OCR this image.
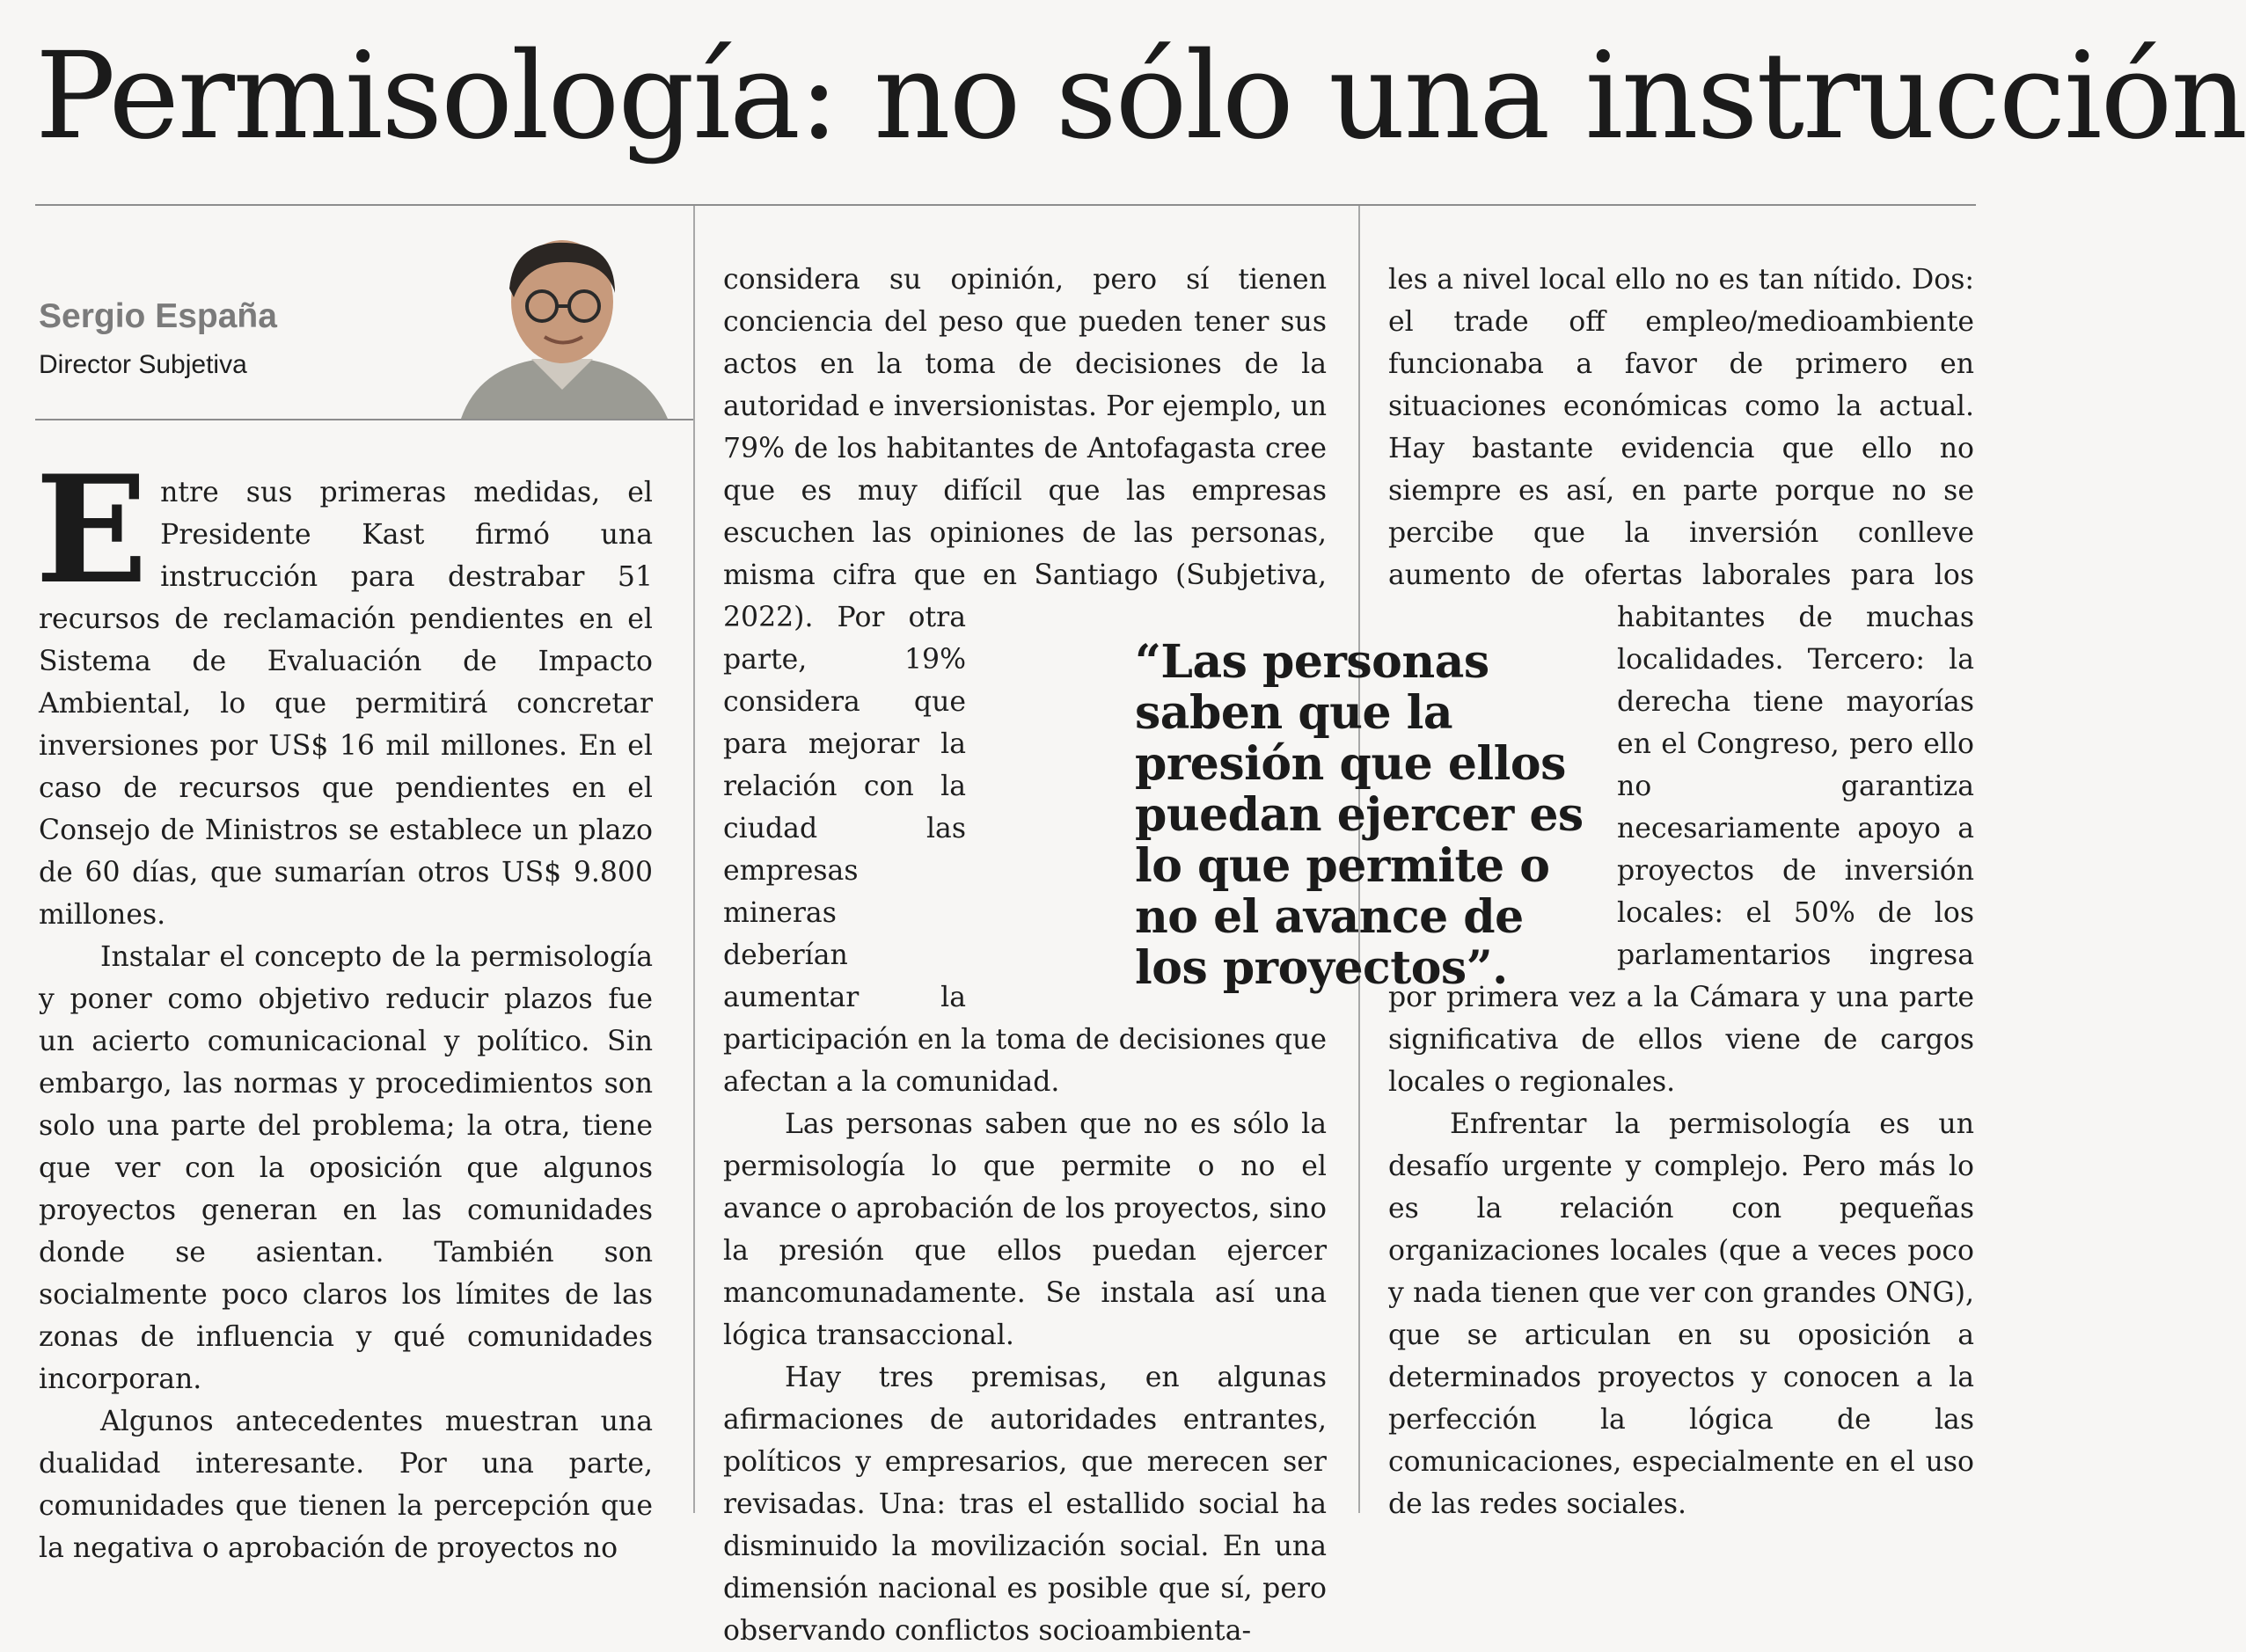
Permisología: no sólo una instrucción
Sergio España
Director Subjetiva

Entre sus primeras medidas, el Presidente Kast firmó una instrucción para destrabar 51 recursos de reclamación pendientes en el Sistema de Evaluación de Impacto Ambiental, lo que permitirá concretar inversiones por US$ 16 mil millones. En el caso de recursos que pendientes en el Consejo de Ministros se establece un plazo de 60 días, que sumarían otros US$ 9.800 millones.

Instalar el concepto de la permisología y poner como objetivo reducir plazos fue un acierto comunicacional y político. Sin embargo, las normas y procedimientos son solo una parte del problema; la otra, tiene que ver con la oposición que algunos proyectos generan en las comunidades donde se asientan. También son socialmente poco claros los límites de las zonas de influencia y qué comunidades incorporan.

Algunos antecedentes muestran una dualidad interesante. Por una parte, comunidades que tienen la percepción que la negativa o aprobación de proyectos no

considera su opinión, pero sí tienen conciencia del peso que pueden tener sus actos en la toma de decisiones de la autoridad e inversionistas. Por ejemplo, un 79% de los habitantes de Antofagasta cree que es muy difícil que las empresas escuchen las opiniones de las personas, misma cifra que en Santiago (Subjetiva, 2022). Por otra parte, 19% considera que para mejorar la relación con la ciudad las empresas mineras deberían aumentar la participación en la toma de decisiones que afectan a la comunidad.

Las personas saben que no es sólo la permisología lo que permite o no el avance o aprobación de los proyectos, sino la presión que ellos puedan ejercer mancomunadamente. Se instala así una lógica transaccional.

Hay tres premisas, en algunas afirmaciones de autoridades entrantes, políticos y empresarios, que merecen ser revisadas. Una: tras el estallido social ha disminuido la movilización social. En una dimensión nacional es posible que sí, pero observando conflictos socioambienta-

les a nivel local ello no es tan nítido. Dos: el trade off empleo/medioambiente funcionaba a favor de primero en situaciones económicas como la actual. Hay bastante evidencia que ello no siempre es así, en parte porque no se percibe que la inversión conlleve aumento de ofertas laborales para los habitantes de muchas localidades. Tercero: la derecha tiene mayorías en el Congreso, pero ello no garantiza necesariamente apoyo a proyectos de inversión locales: el 50% de los parlamentarios ingresa por primera vez a la Cámara y una parte significativa de ellos viene de cargos locales o regionales.

Enfrentar la permisología es un desafío urgente y complejo. Pero más lo es la relación con pequeñas organizaciones locales (que a veces poco y nada tienen que ver con grandes ONG), que se articulan en su oposición a determinados proyectos y conocen a la perfección la lógica de las comunicaciones, especialmente en el uso de las redes sociales.

“Las personas saben que la presión que ellos puedan ejercer es lo que permite o no el avance de los proyectos”.
